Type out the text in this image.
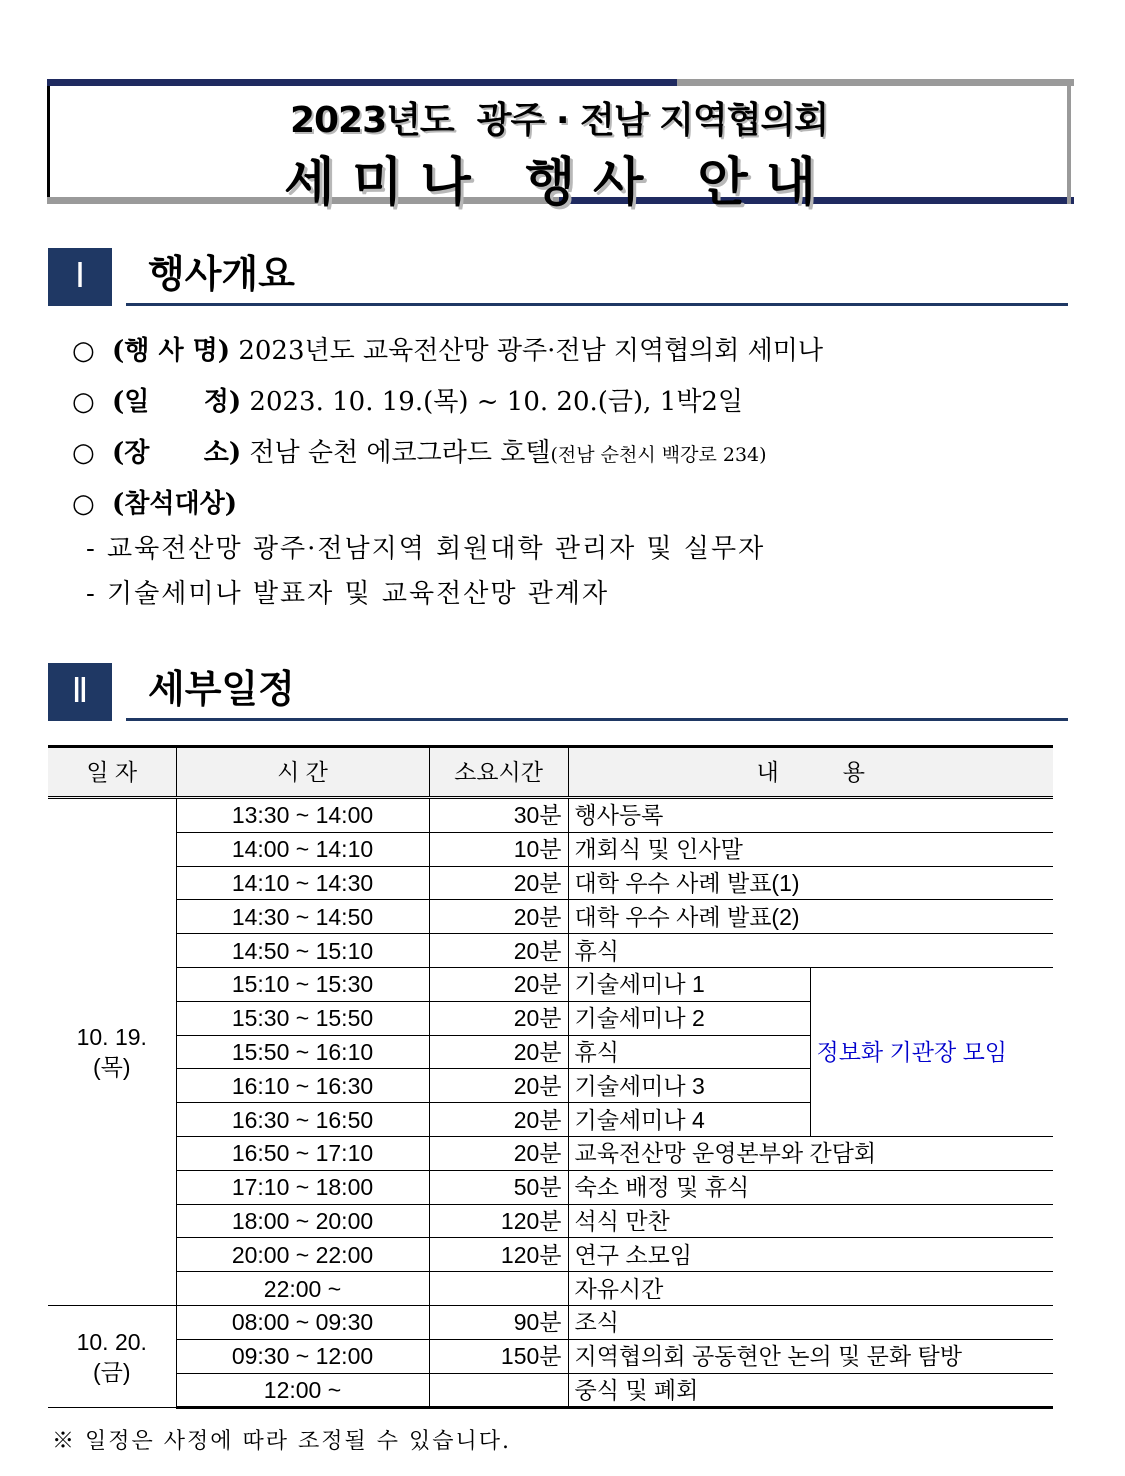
2023년도  광주 · 전남 지역협의회
세미나 행사 안내
Ⅰ	행사개요
○ (행 사 명) 2023년도 교육전산망 광주·전남 지역협의회 세미나
○ (일      정) 2023. 10. 19.(목) ~ 10. 20.(금), 1박2일
○ (장      소) 전남 순천 에코그라드 호텔(전남 순천시 백강로 234)
○ (참석대상)
- 교육전산망 광주·전남지역 회원대학 관리자 및 실무자
- 기술세미나 발표자 및 교육전산망 관계자
Ⅱ	세부일정
일 자	시 간	소요시간	내          용	
10. 19.
(목)	13:30 ~ 14:00	30분	행사등록	
	14:00 ~ 14:10	10분	개회식 및 인사말	
	14:10 ~ 14:30	20분	대학 우수 사례 발표(1)	
	14:30 ~ 14:50	20분	대학 우수 사례 발표(2)	
	14:50 ~ 15:10	20분	휴식	
	15:10 ~ 15:30	20분	기술세미나 1	정보화 기관장 모임
	15:30 ~ 15:50	20분	기술세미나 2	
	15:50 ~ 16:10	20분	휴식	
	16:10 ~ 16:30	20분	기술세미나 3	
	16:30 ~ 16:50	20분	기술세미나 4	
	16:50 ~ 17:10	20분	교육전산망 운영본부와 간담회	
	17:10 ~ 18:00	50분	숙소 배정 및 휴식	
	18:00 ~ 20:00	120분	석식 만찬	
	20:00 ~ 22:00	120분	연구 소모임	
	22:00 ~		자유시간	
10. 20.
(금)	08:00 ~ 09:30	90분	조식	
	09:30 ~ 12:00	150분	지역협의회 공동현안 논의 및 문화 탐방	
	12:00 ~		중식 및 폐회	
※ 일정은 사정에 따라 조정될 수 있습니다.
